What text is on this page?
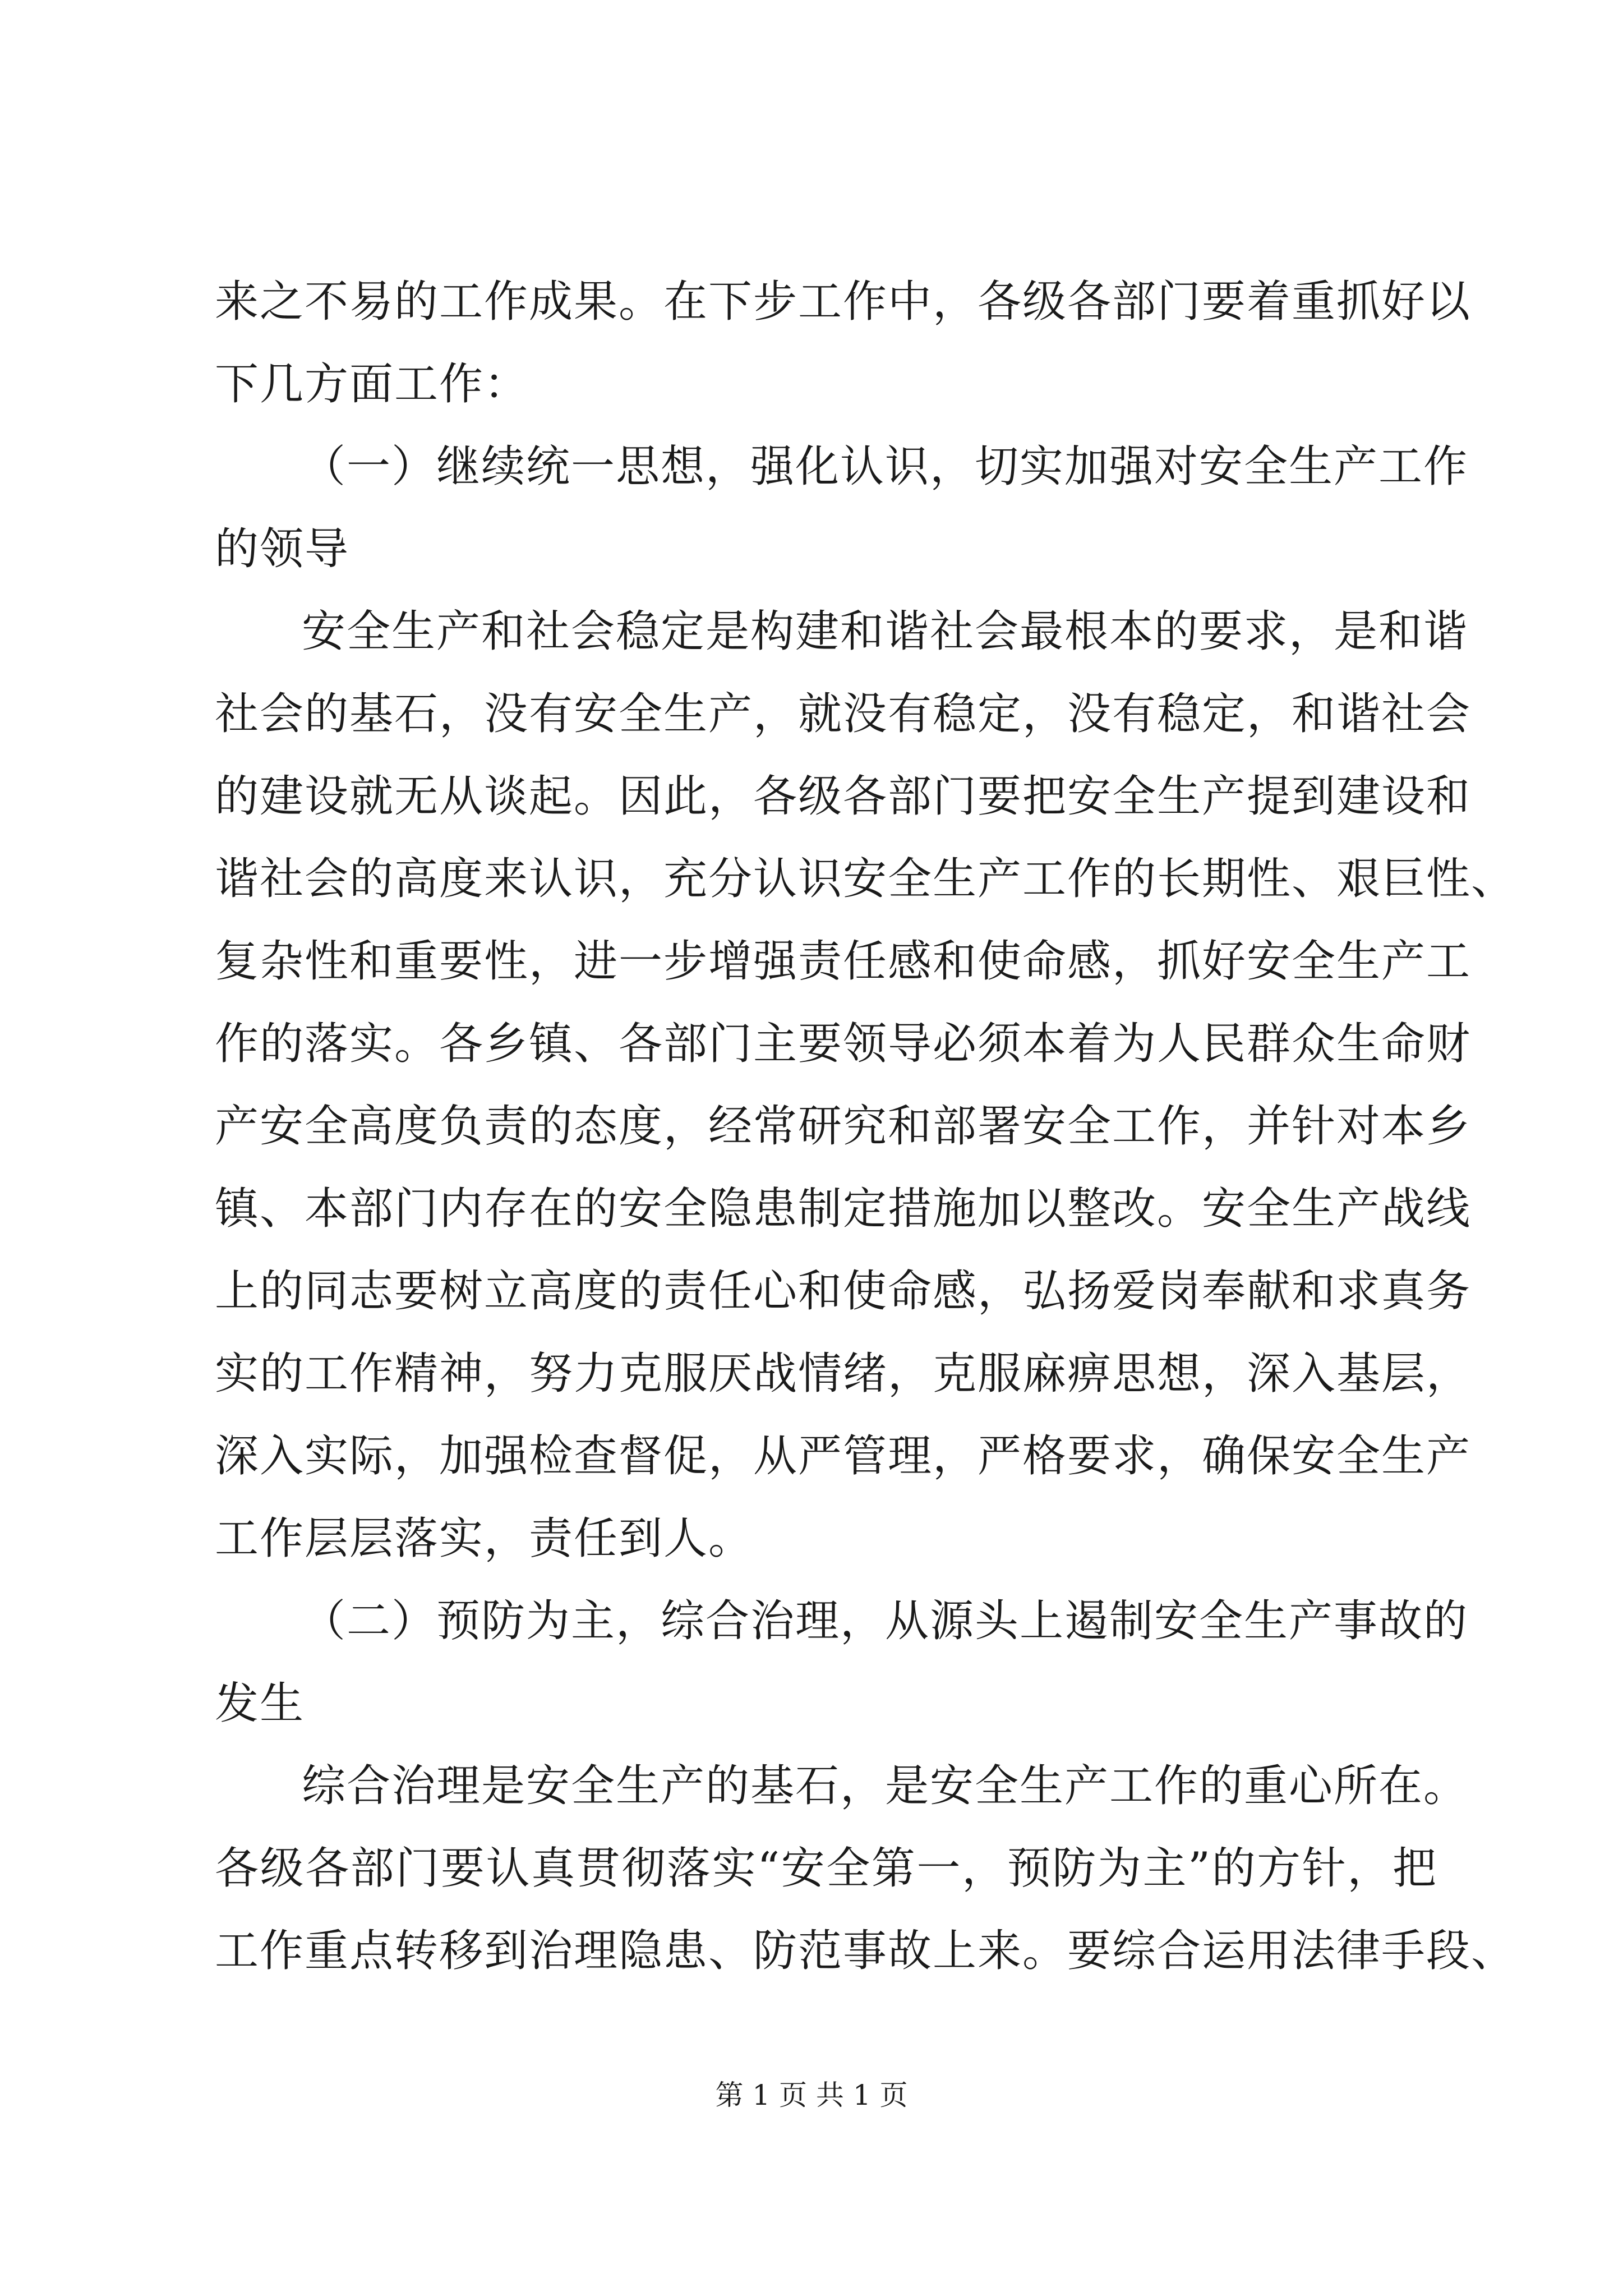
来之不易的工作成果。在下步工作中，各级各部门要着重抓好以
下几方面工作：
（一）继续统一思想，强化认识，切实加强对安全生产工作
的领导
安全生产和社会稳定是构建和谐社会最根本的要求，是和谐
社会的基石，没有安全生产，就没有稳定，没有稳定，和谐社会
的建设就无从谈起。因此，各级各部门要把安全生产提到建设和
谐社会的高度来认识，充分认识安全生产工作的长期性、艰巨性、
复杂性和重要性，进一步增强责任感和使命感，抓好安全生产工
作的落实。各乡镇、各部门主要领导必须本着为人民群众生命财
产安全高度负责的态度，经常研究和部署安全工作，并针对本乡
镇、本部门内存在的安全隐患制定措施加以整改。安全生产战线
上的同志要树立高度的责任心和使命感，弘扬爱岗奉献和求真务
实的工作精神，努力克服厌战情绪，克服麻痹思想，深入基层，
深入实际，加强检查督促，从严管理，严格要求，确保安全生产
工作层层落实，责任到人。
（二）预防为主，综合治理，从源头上遏制安全生产事故的
发生
综合治理是安全生产的基石，是安全生产工作的重心所在。
各级各部门要认真贯彻落实“安全第一，预防为主”的方针，把
工作重点转移到治理隐患、防范事故上来。要综合运用法律手段、
第 1 页 共 1 页
